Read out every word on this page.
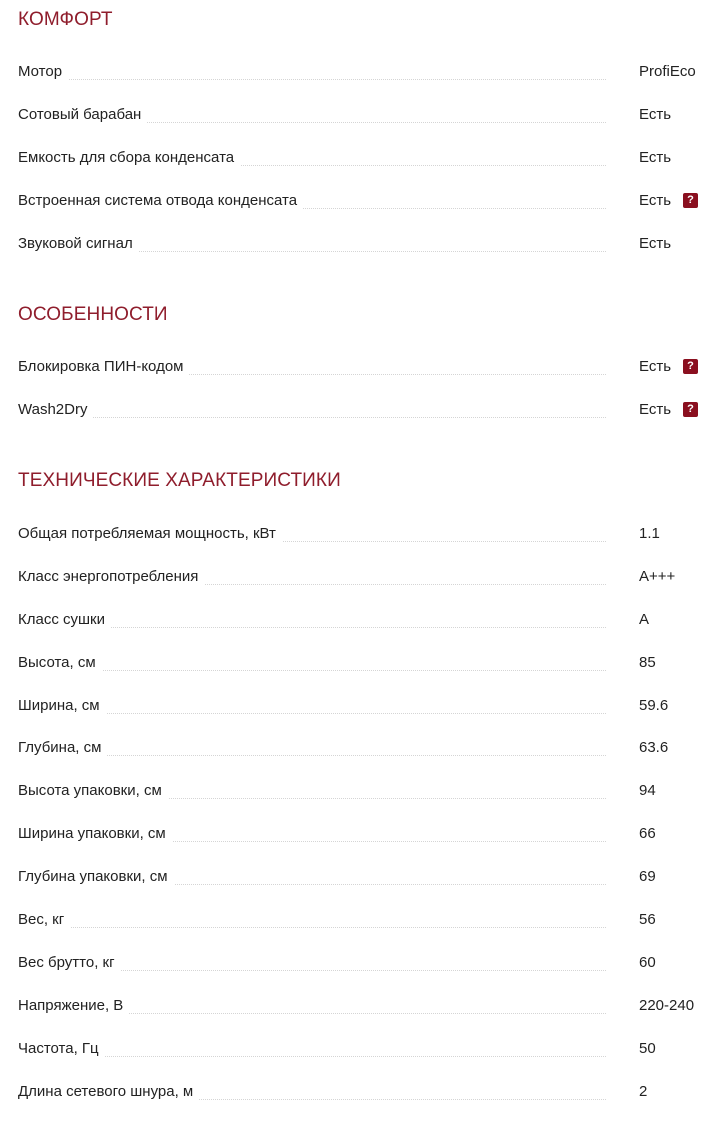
КОМФОРТ
Мотор	ProfiEco
Сотовый барабан	Есть
Емкость для сбора конденсата	Есть
Встроенная система отвода конденсата	Есть
?
Звуковой сигнал	Есть
ОСОБЕННОСТИ
Блокировка ПИН-кодом	Есть
?
Wash2Dry	Есть
?
ТЕХНИЧЕСКИЕ ХАРАКТЕРИСТИКИ
Общая потребляемая мощность, кВт	1.1
Класс энергопотребления	A+++
Класс сушки	A
Высота, см	85
Ширина, см	59.6
Глубина, см	63.6
Высота упаковки, см	94
Ширина упаковки, см	66
Глубина упаковки, см	69
Вес, кг	56
Вес брутто, кг	60
Напряжение, В	220-240
Частота, Гц	50
Длина сетевого шнура, м	2
